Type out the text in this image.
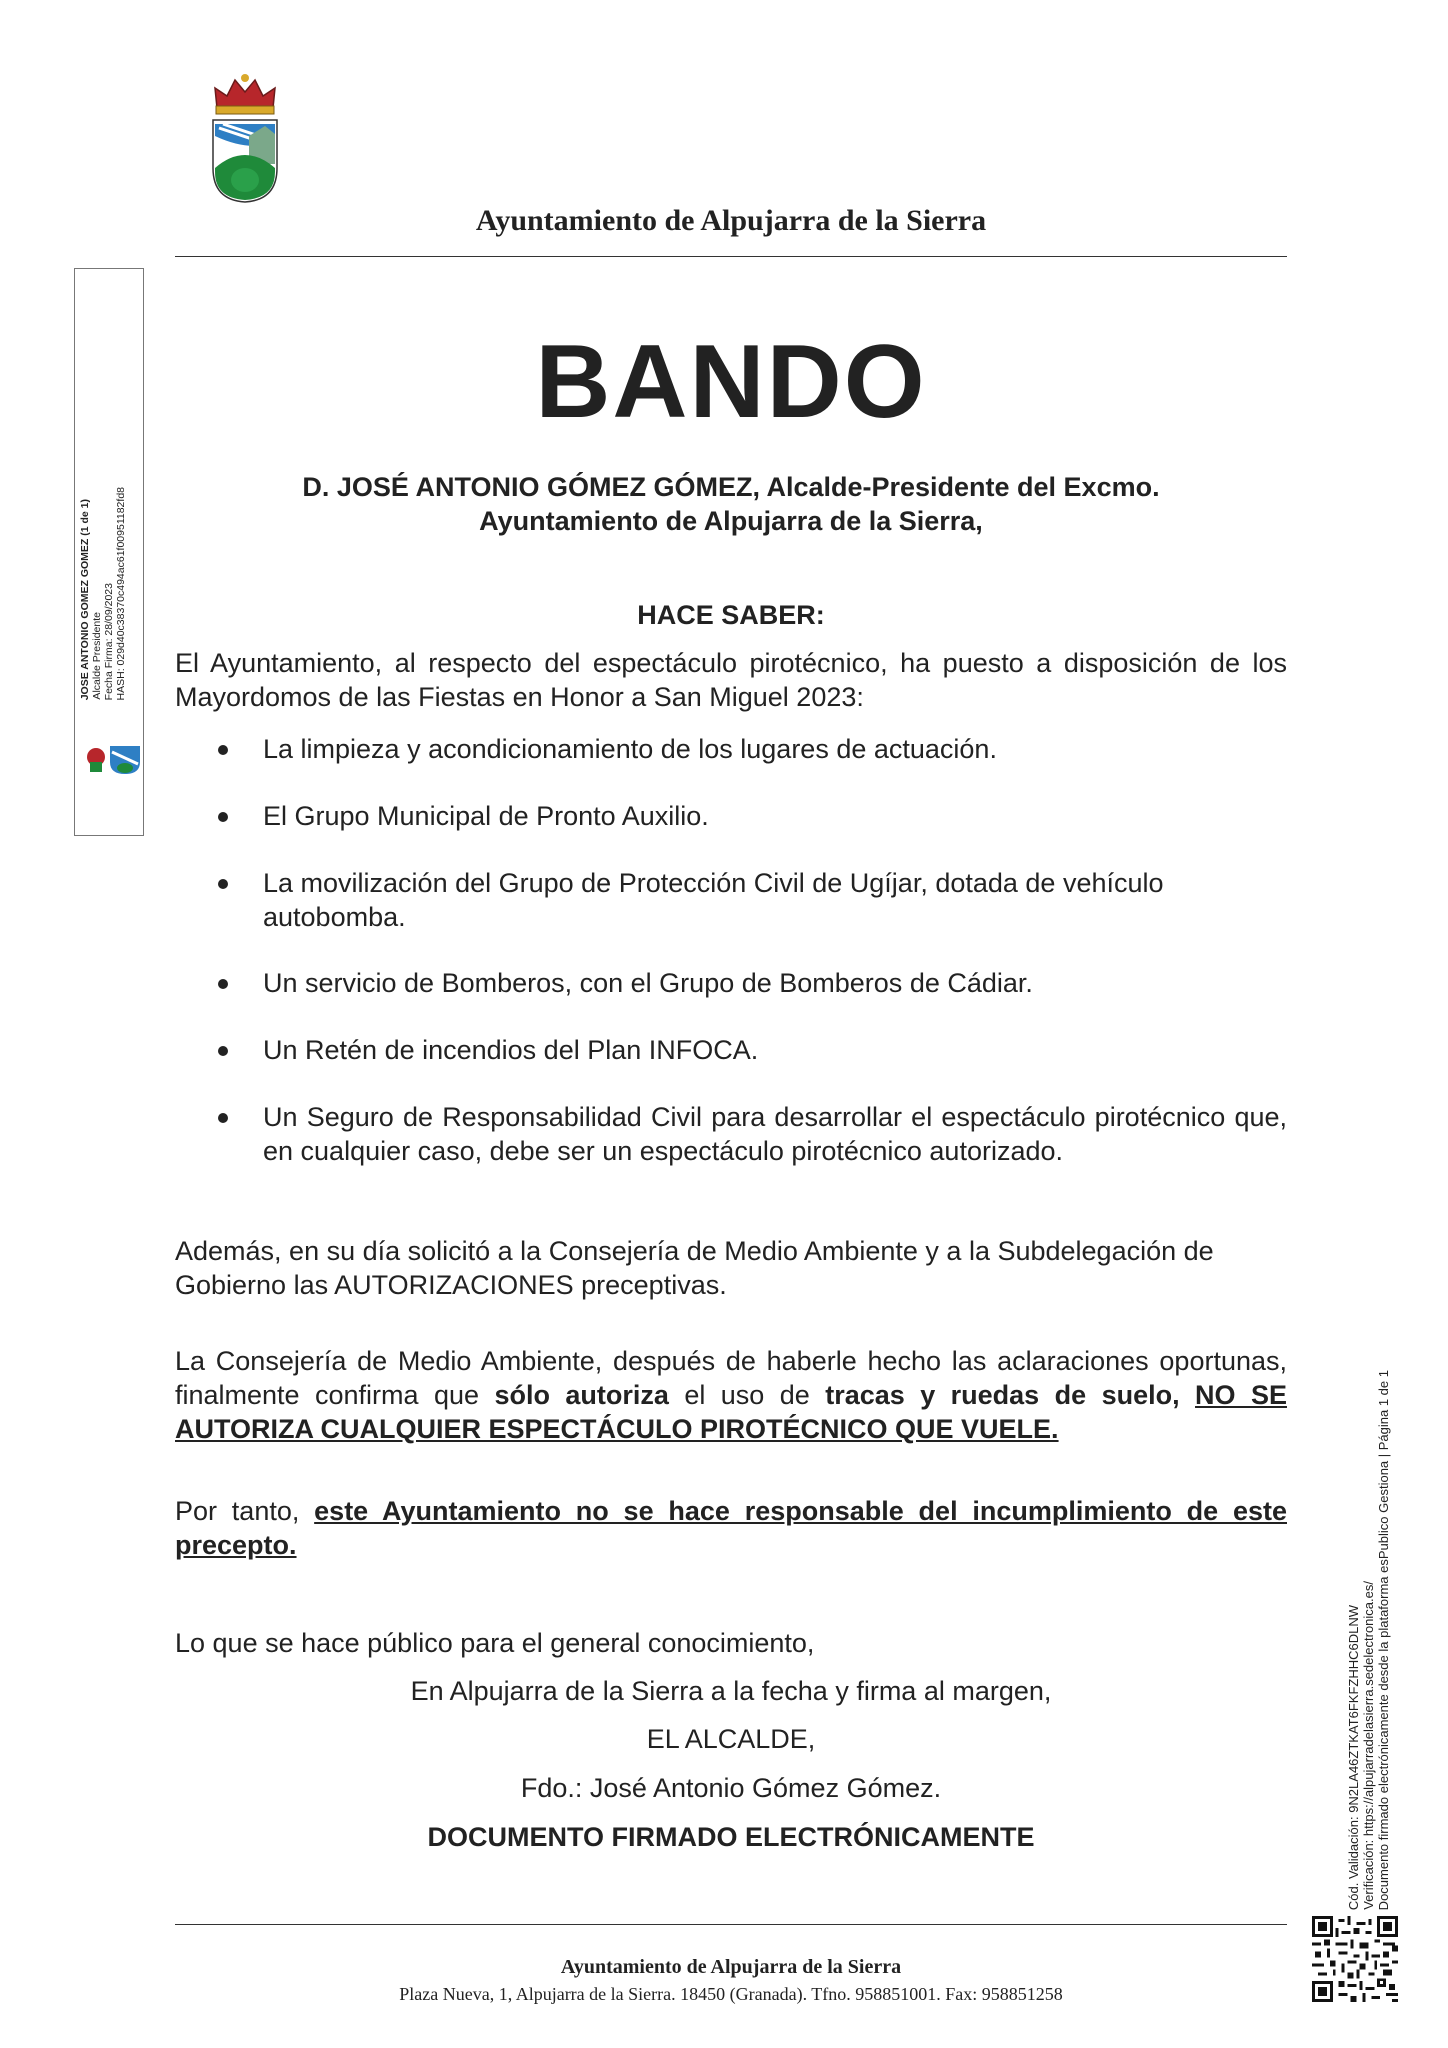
Ayuntamiento de Alpujarra de la Sierra
JOSE ANTONIO GOMEZ GOMEZ (1 de 1) Alcalde Presidente Fecha Firma: 28/09/2023 HASH: 029d40c38370c494ac61f00951182fd8
BANDO
D. JOSÉ ANTONIO GÓMEZ GÓMEZ, Alcalde-Presidente del Excmo.
Ayuntamiento de Alpujarra de la Sierra,
HACE SABER:
El Ayuntamiento, al respecto del espectáculo pirotécnico, ha puesto a disposición de los Mayordomos de las Fiestas en Honor a San Miguel 2023:
La limpieza y acondicionamiento de los lugares de actuación.
El Grupo Municipal de Pronto Auxilio.
La movilización del Grupo de Protección Civil de Ugíjar, dotada de vehículo autobomba.
Un servicio de Bomberos, con el Grupo de Bomberos de Cádiar.
Un Retén de incendios del Plan INFOCA.
Un Seguro de Responsabilidad Civil para desarrollar el espectáculo pirotécnico que, en cualquier caso, debe ser un espectáculo pirotécnico autorizado.
Además, en su día solicitó a la Consejería de Medio Ambiente y a la Subdelegación de Gobierno las AUTORIZACIONES preceptivas.
La Consejería de Medio Ambiente, después de haberle hecho las aclaraciones oportunas, finalmente confirma que sólo autoriza el uso de tracas y ruedas de suelo, NO SE AUTORIZA CUALQUIER ESPECTÁCULO PIROTÉCNICO QUE VUELE.
Por tanto, este Ayuntamiento no se hace responsable del incumplimiento de este precepto.
Lo que se hace público para el general conocimiento,
En Alpujarra de la Sierra a la fecha y firma al margen,
EL ALCALDE,
Fdo.: José Antonio Gómez Gómez.
DOCUMENTO FIRMADO ELECTRÓNICAMENTE
Ayuntamiento de Alpujarra de la Sierra
Plaza Nueva, 1, Alpujarra de la Sierra. 18450 (Granada). Tfno. 958851001. Fax: 958851258
Cód. Validación: 9N2LA46ZTKAT6FKFZHHC6DLNW Verificación: https://alpujarradelasierra.sedelectronica.es/ Documento firmado electrónicamente desde la plataforma esPublico Gestiona | Página 1 de 1
